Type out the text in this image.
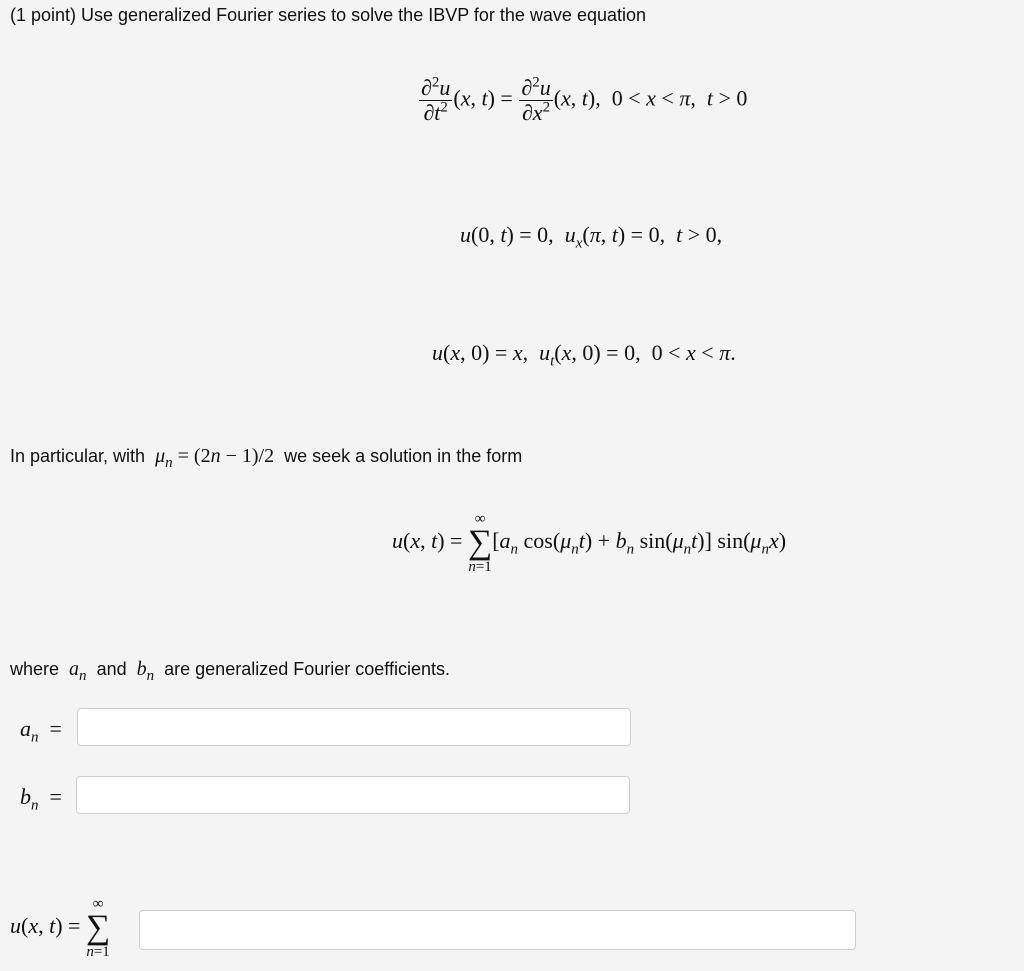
(1 point) Use generalized Fourier series to solve the IBVP for the wave equation
$\frac{\partial^2u}{\partial t^2} (x$, $t) = \frac{\partial^2u}{\partial x^2} (x$, t),  0 < x < π,  t > 0
u(0, t) = 0,  $u_x(\pi$, t) = 0,  t > 0,
u(x, 0) = x,  $u_t(x$, 0) = 0,  0 < x < π.
In particular, with $\mu_n = (2n - 1)/2$  we seek a solution in the form
u(x, t) =
∞
∑
n=1
[$a_n$ $\cos(\mu_nt) + b_n$ $\sin(\mu_nt)$] $\sin(\mu_nx)$
where $a_n$ and $b_n$ are generalized Fourier coefficients.
$a_n$  =
$b_n$  =
u(x, t) =
∞
∑
n=1
